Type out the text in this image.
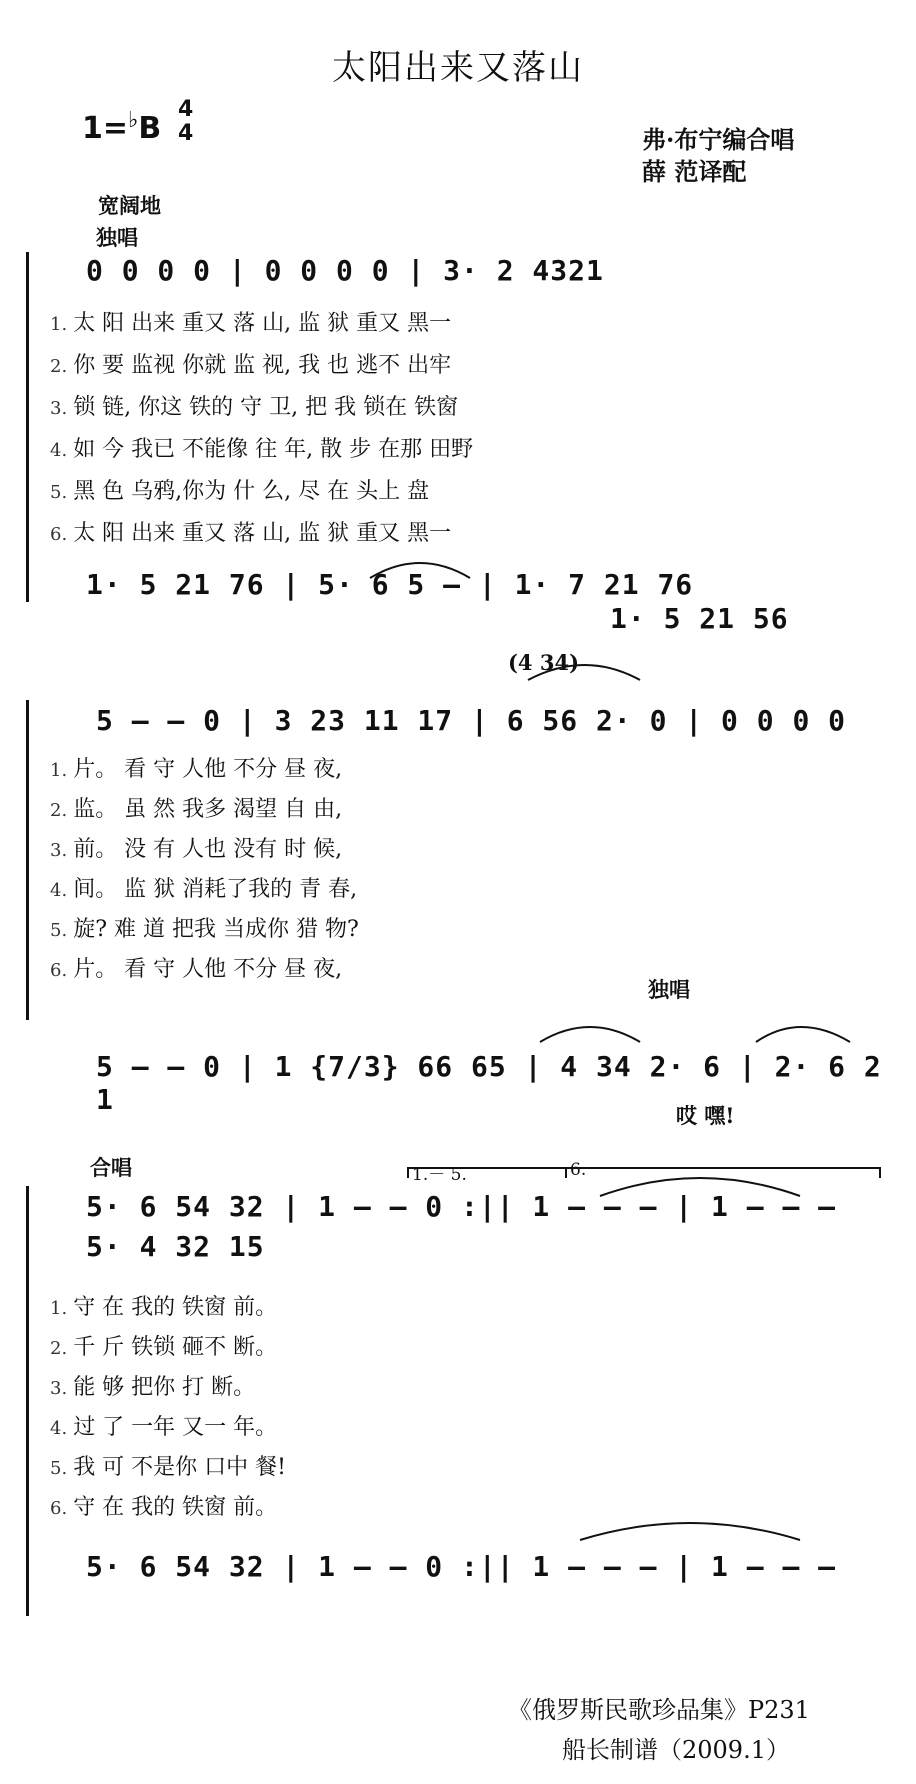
太阳出来又落山
1=♭B
4
4	弗·布宁编合唱
薛 范译配
宽阔地
独唱
0 0 0 0 | 0 0 0 0 | 3· 2 4321
1. 太 阳 出来 重又 落 山, 监 狱 重又 黑一
2. 你 要 监视 你就 监 视, 我 也 逃不 出牢
3. 锁 链, 你这 铁的 守 卫, 把 我 锁在 铁窗
4. 如 今 我已 不能像 往 年, 散 步 在那 田野
5. 黑 色 乌鸦,你为 什 么, 尽 在 头上 盘
6. 太 阳 出来 重又 落 山, 监 狱 重又 黑一
1· 5 21 76 | 5· 6 5 – | 1· 7 21 76
1· 5 21 56
(4 34)
5 – – 0 | 3 23 11 17 | 6 56 2· 0 | 0 0 0 0
1. 片。 看 守 人他 不分 昼 夜,
2. 监。 虽 然 我多 渴望 自 由,
3. 前。 没 有 人也 没有 时 候,
4. 间。 监 狱 消耗了我的 青 春,
5. 旋? 难 道 把我 当成你 猎 物?
6. 片。 看 守 人他 不分 昼 夜,
独唱
5 – – 0 | 1 {7/3} 66 65 | 4 34 2· 6 | 2· 6 2 1	哎 嘿!
合唱	1.－ 5.	6.
5· 6 54 32 | 1 – – 0 :|| 1 – – – | 1 – – –
5· 4 32 15
1. 守 在 我的 铁窗 前。
2. 千 斤 铁锁 砸不 断。
3. 能 够 把你 打 断。
4. 过 了 一年 又一 年。
5. 我 可 不是你 口中 餐!
6. 守 在 我的 铁窗 前。
5· 6 54 32 | 1 – – 0 :|| 1 – – – | 1 – – –
《俄罗斯民歌珍品集》P231
船长制谱（2009.1）
